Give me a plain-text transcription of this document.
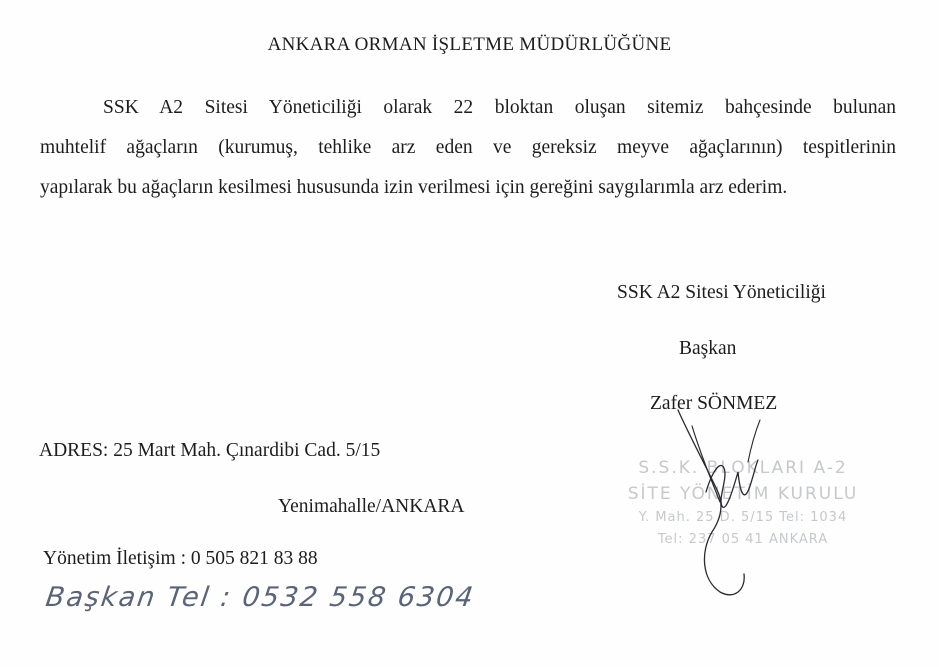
ANKARA ORMAN İŞLETME MÜDÜRLÜĞÜNE
SSK A2 Sitesi Yöneticiliği olarak 22 bloktan oluşan sitemiz bahçesinde bulunan
muhtelif ağaçların (kurumuş, tehlike arz eden ve gereksiz meyve ağaçlarının) tespitlerinin
yapılarak bu ağaçların kesilmesi hususunda izin verilmesi için gereğini saygılarımla arz ederim.
SSK A2 Sitesi Yöneticiliği
Başkan
Zafer SÖNMEZ
S.S.K. BLOKLARI A-2
SİTE YÖNETİM KURULU
Y. Mah. 25 D. 5/15 Tel: 1034
Tel: 237 05 41 ANKARA
ADRES: 25 Mart Mah. Çınardibi Cad. 5/15
Yenimahalle/ANKARA
Yönetim İletişim : 0 505 821 83 88
Başkan Tel : 0532 558 6304
